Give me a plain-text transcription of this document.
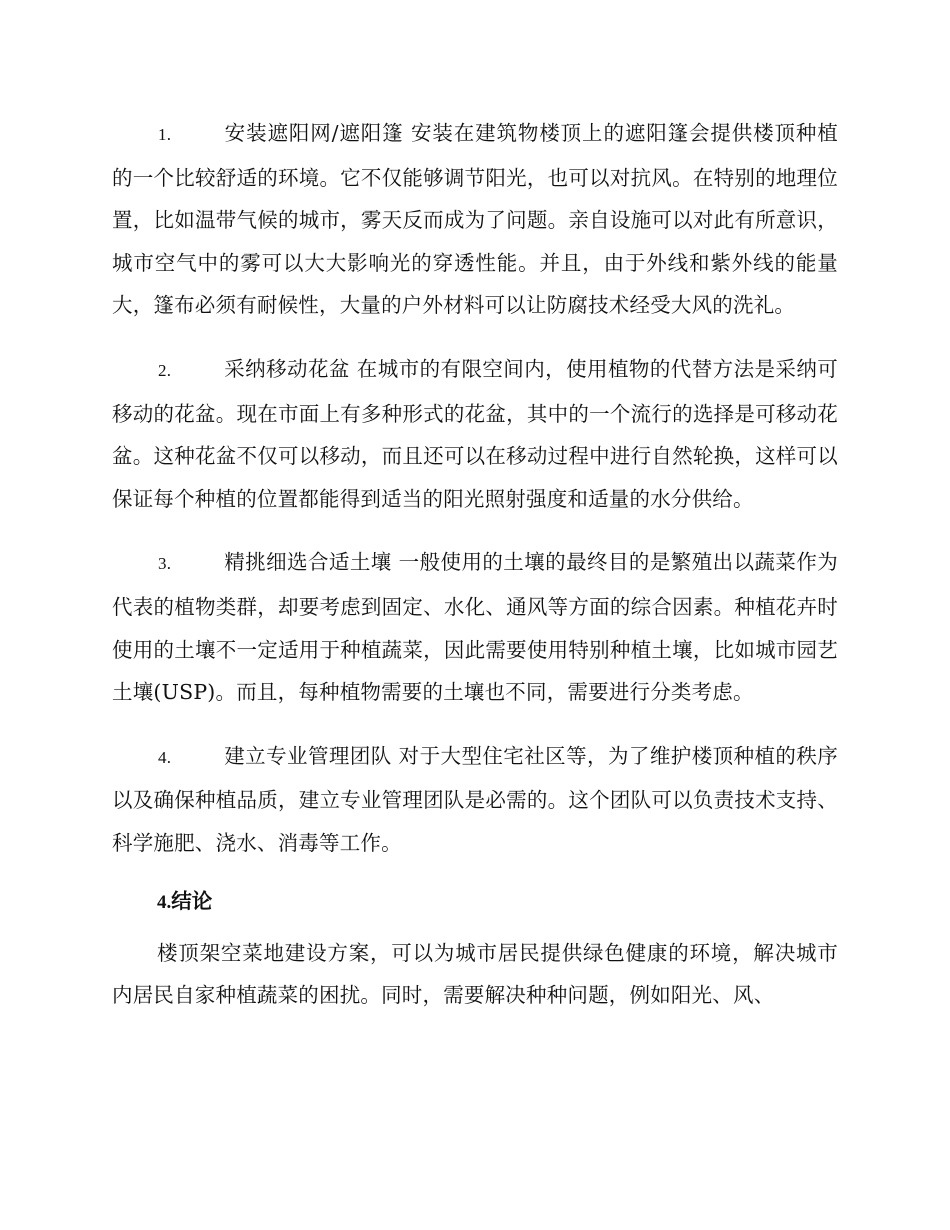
1.	安装遮阳网/遮阳篷 安装在建筑物楼顶上的遮阳篷会提供楼顶种植的一个比较舒适的环境。它不仅能够调节阳光，也可以对抗风。在特别的地理位置，比如温带气候的城市，雾天反而成为了问题。亲自设施可以对此有所意识，城市空气中的雾可以大大影响光的穿透性能。并且，由于外线和紫外线的能量大，篷布必须有耐候性，大量的户外材料可以让防腐技术经受大风的洗礼。

2.	采纳移动花盆 在城市的有限空间内，使用植物的代替方法是采纳可移动的花盆。现在市面上有多种形式的花盆，其中的一个流行的选择是可移动花盆。这种花盆不仅可以移动，而且还可以在移动过程中进行自然轮换，这样可以保证每个种植的位置都能得到适当的阳光照射强度和适量的水分供给。

3.	精挑细选合适土壤 一般使用的土壤的最终目的是繁殖出以蔬菜作为代表的植物类群，却要考虑到固定、水化、通风等方面的综合因素。种植花卉时使用的土壤不一定适用于种植蔬菜，因此需要使用特别种植土壤，比如城市园艺土壤(USP)。而且，每种植物需要的土壤也不同，需要进行分类考虑。

4.	建立专业管理团队 对于大型住宅社区等，为了维护楼顶种植的秩序以及确保种植品质，建立专业管理团队是必需的。这个团队可以负责技术支持、科学施肥、浇水、消毒等工作。

4.结论

楼顶架空菜地建设方案，可以为城市居民提供绿色健康的环境，解决城市内居民自家种植蔬菜的困扰。同时，需要解决种种问题，例如阳光、风、
